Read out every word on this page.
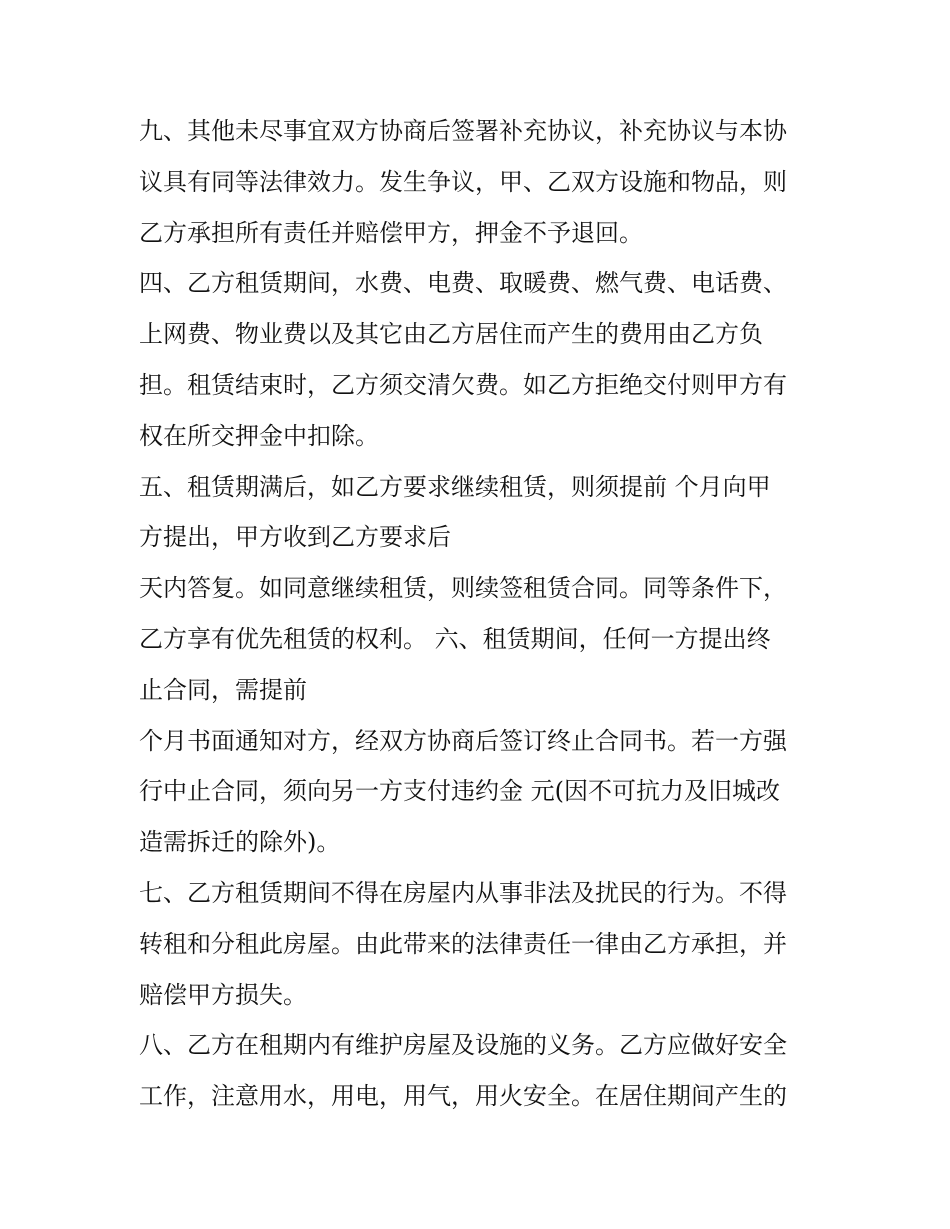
九、其他未尽事宜双方协商后签署补充协议，补充协议与本协
议具有同等法律效力。发生争议，甲、乙双方设施和物品，则
乙方承担所有责任并赔偿甲方，押金不予退回。
四、乙方租赁期间，水费、电费、取暖费、燃气费、电话费、
上网费、物业费以及其它由乙方居住而产生的费用由乙方负
担。租赁结束时，乙方须交清欠费。如乙方拒绝交付则甲方有
权在所交押金中扣除。
五、租赁期满后，如乙方要求继续租赁，则须提前 个月向甲
方提出，甲方收到乙方要求后
天内答复。如同意继续租赁，则续签租赁合同。同等条件下，
乙方享有优先租赁的权利。 六、租赁期间，任何一方提出终
止合同，需提前
个月书面通知对方，经双方协商后签订终止合同书。若一方强
行中止合同，须向另一方支付违约金 元(因不可抗力及旧城改
造需拆迁的除外)。
七、乙方租赁期间不得在房屋内从事非法及扰民的行为。不得
转租和分租此房屋。由此带来的法律责任一律由乙方承担，并
赔偿甲方损失。
八、乙方在租期内有维护房屋及设施的义务。乙方应做好安全
工作，注意用水，用电，用气，用火安全。在居住期间产生的
